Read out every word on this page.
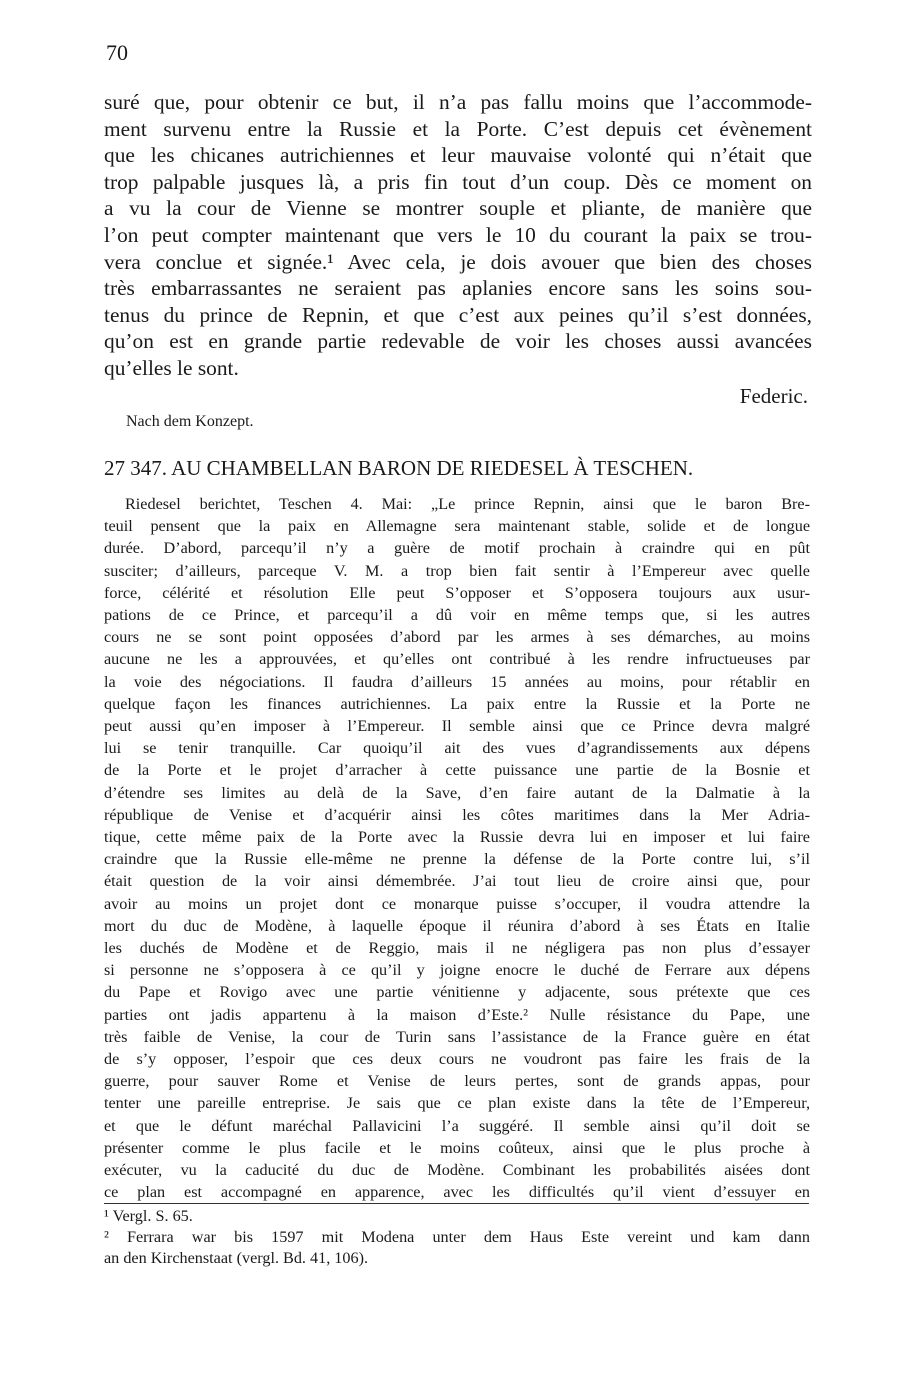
70
suré que, pour obtenir ce but, il n’a pas fallu moins que l’accommode-
ment survenu entre la Russie et la Porte. C’est depuis cet évènement
que les chicanes autrichiennes et leur mauvaise volonté qui n’était que
trop palpable jusques là, a pris fin tout d’un coup. Dès ce moment on
a vu la cour de Vienne se montrer souple et pliante, de manière que
l’on peut compter maintenant que vers le 10 du courant la paix se trou-
vera conclue et signée.¹ Avec cela, je dois avouer que bien des choses
très embarrassantes ne seraient pas aplanies encore sans les soins sou-
tenus du prince de Repnin, et que c’est aux peines qu’il s’est données,
qu’on est en grande partie redevable de voir les choses aussi avancées
qu’elles le sont.
Federic.
Nach dem Konzept.
27 347. AU CHAMBELLAN BARON DE RIEDESEL À TESCHEN.
Riedesel berichtet, Teschen 4. Mai: „Le prince Repnin, ainsi que le baron Bre-
teuil pensent que la paix en Allemagne sera maintenant stable, solide et de longue
durée. D’abord, parcequ’il n’y a guère de motif prochain à craindre qui en pût
susciter; d’ailleurs, parceque V. M. a trop bien fait sentir à l’Empereur avec quelle
force, célérité et résolution Elle peut S’opposer et S’opposera toujours aux usur-
pations de ce Prince, et parcequ’il a dû voir en même temps que, si les autres
cours ne se sont point opposées d’abord par les armes à ses démarches, au moins
aucune ne les a approuvées, et qu’elles ont contribué à les rendre infructueuses par
la voie des négociations. Il faudra d’ailleurs 15 années au moins, pour rétablir en
quelque façon les finances autrichiennes. La paix entre la Russie et la Porte ne
peut aussi qu’en imposer à l’Empereur. Il semble ainsi que ce Prince devra malgré
lui se tenir tranquille. Car quoiqu’il ait des vues d’agrandissements aux dépens
de la Porte et le projet d’arracher à cette puissance une partie de la Bosnie et
d’étendre ses limites au delà de la Save, d’en faire autant de la Dalmatie à la
république de Venise et d’acquérir ainsi les côtes maritimes dans la Mer Adria-
tique, cette même paix de la Porte avec la Russie devra lui en imposer et lui faire
craindre que la Russie elle-même ne prenne la défense de la Porte contre lui, s’il
était question de la voir ainsi démembrée. J’ai tout lieu de croire ainsi que, pour
avoir au moins un projet dont ce monarque puisse s’occuper, il voudra attendre la
mort du duc de Modène, à laquelle époque il réunira d’abord à ses États en Italie
les duchés de Modène et de Reggio, mais il ne négligera pas non plus d’essayer
si personne ne s’opposera à ce qu’il y joigne enocre le duché de Ferrare aux dépens
du Pape et Rovigo avec une partie vénitienne y adjacente, sous prétexte que ces
parties ont jadis appartenu à la maison d’Este.² Nulle résistance du Pape, une
très faible de Venise, la cour de Turin sans l’assistance de la France guère en état
de s’y opposer, l’espoir que ces deux cours ne voudront pas faire les frais de la
guerre, pour sauver Rome et Venise de leurs pertes, sont de grands appas, pour
tenter une pareille entreprise. Je sais que ce plan existe dans la tête de l’Empereur,
et que le défunt maréchal Pallavicini l’a suggéré. Il semble ainsi qu’il doit se
présenter comme le plus facile et le moins coûteux, ainsi que le plus proche à
exécuter, vu la caducité du duc de Modène. Combinant les probabilités aisées dont
ce plan est accompagné en apparence, avec les difficultés qu’il vient d’essuyer en
¹ Vergl. S. 65.
² Ferrara war bis 1597 mit Modena unter dem Haus Este vereint und kam dann
an den Kirchenstaat (vergl. Bd. 41, 106).
